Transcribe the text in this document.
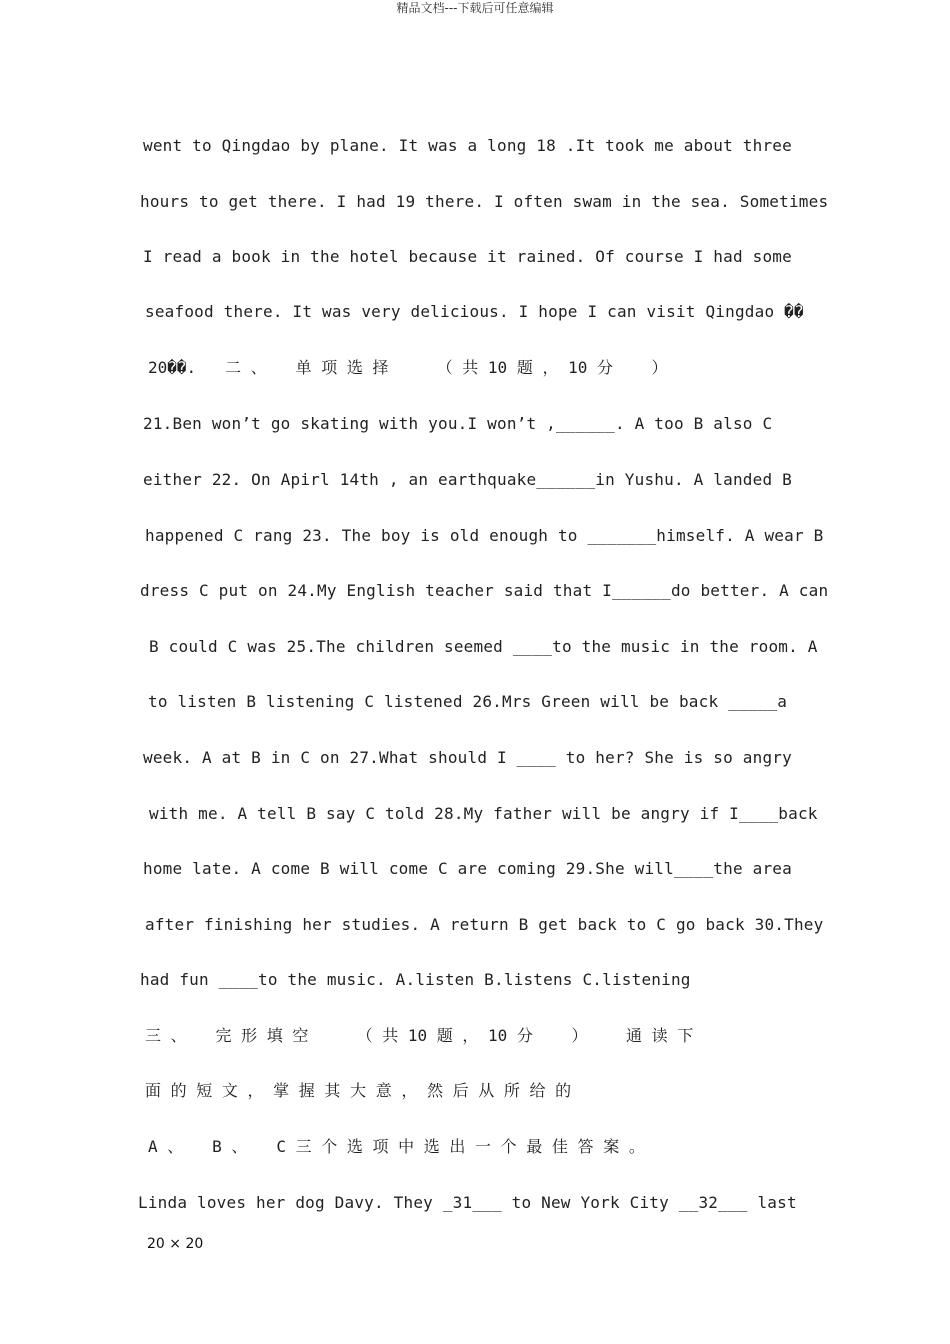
精品文档---下载后可任意编辑
went to Qingdao by plane. It was a long 18 .It took me about three
hours to get there. I had 19 there. I often swam in the sea. Sometimes
I read a book in the hotel because it rained. Of course I had some
seafood there. It was very delicious. I hope I can visit Qingdao ��
20��.   二 、   单 项 选 择     （ 共 10 题 ， 10 分    ）
21.Ben won’t go skating with you.I won’t ,______. A too B also C
either 22. On Apirl 14th , an earthquake______in Yushu. A landed B
happened C rang 23. The boy is old enough to _______himself. A wear B
dress C put on 24.My English teacher said that I______do better. A can
B could C was 25.The children seemed ____to the music in the room. A
to listen B listening C listened 26.Mrs Green will be back _____a
week. A at B in C on 27.What should I ____ to her? She is so angry
with me. A tell B say C told 28.My father will be angry if I____back
home late. A come B will come C are coming 29.She will____the area
after finishing her studies. A return B get back to C go back 30.They
had fun ____to the music. A.listen B.listens C.listening
三 、   完 形 填 空     （ 共 10 题 ， 10 分    ）    通 读 下
面 的 短 文 ， 掌 握 其 大 意 ， 然 后 从 所 给 的
A 、   B 、   C 三 个 选 项 中 选 出 一 个 最 佳 答 案 。
Linda loves her dog Davy. They _31___ to New York City __32___ last
20 × 20
